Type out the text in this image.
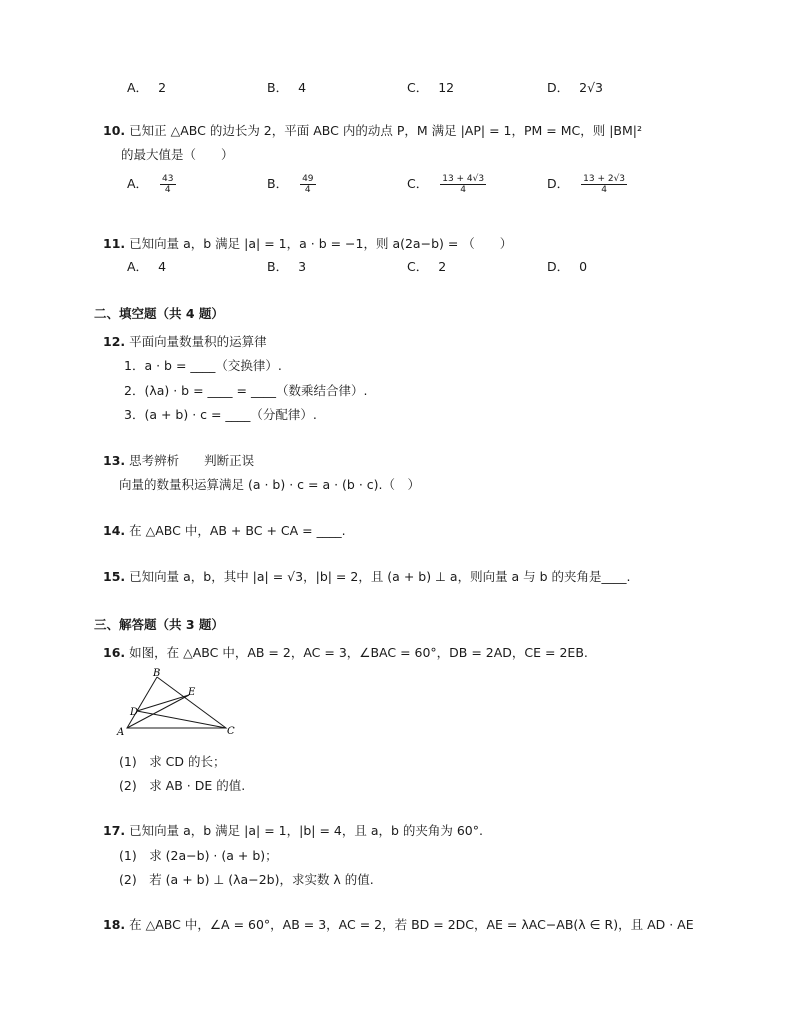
A． 2	B． 4	C． 12	D． 2√3
10. 已知正 △ABC 的边长为 2，平面 ABC 内的动点 P，M 满足 |AP| = 1，PM = MC，则 |BM|²
的最大值是（　　）
A． $\frac{43}{4}$	B． $\frac{49}{4}$	C． $\frac{13 + 4√3}{4}$	D． $\frac{13 + 2√3}{4}$
11. 已知向量 a，b 满足 |a| = 1，a · b = −1，则 a(2a−b) = （　　）
A． 4	B． 3	C． 2	D． 0
二、填空题（共 4 题）
12. 平面向量数量积的运算律
1．a · b = ____（交换律）.
2．(λa) · b = ____ = ____（数乘结合律）.
3．(a + b) · c = ____（分配律）.
13. 思考辨析　　判断正误
向量的数量积运算满足 (a · b) · c = a · (b · c).（　）
14. 在 △ABC 中，AB + BC + CA = ____.
15. 已知向量 a，b，其中 |a| = √3，|b| = 2，且 (a + b) ⊥ a，则向量 a 与 b 的夹角是____.
三、解答题（共 3 题）
16. 如图，在 △ABC 中，AB = 2，AC = 3，∠BAC = 60°，DB = 2AD，CE = 2EB.
B
E
D
A	C
(1)　求 CD 的长；
(2)　求 AB · DE 的值.
17. 已知向量 a，b 满足 |a| = 1，|b| = 4，且 a，b 的夹角为 60°.
(1)　求 (2a−b) · (a + b)；
(2)　若 (a + b) ⊥ (λa−2b)，求实数 λ 的值.
18. 在 △ABC 中，∠A = 60°，AB = 3，AC = 2，若 BD = 2DC，AE = λAC−AB(λ ∈ R)，且 AD · AE
